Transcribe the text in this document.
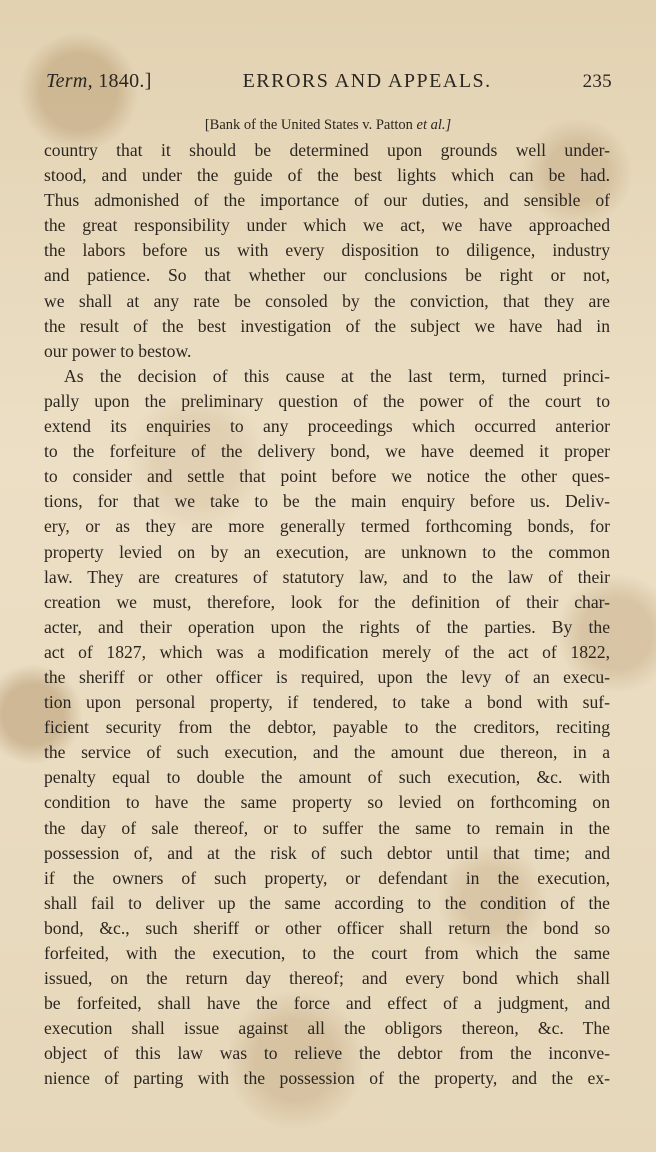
Term, 1840.]	ERRORS AND APPEALS.	235
[Bank of the United States v. Patton et al.]
country that it should be determined upon grounds well under-
stood, and under the guide of the best lights which can be had.
Thus admonished of the importance of our duties, and sensible of
the great responsibility under which we act, we have approached
the labors before us with every disposition to diligence, industry
and patience. So that whether our conclusions be right or not,
we shall at any rate be consoled by the conviction, that they are
the result of the best investigation of the subject we have had in
our power to bestow.
As the decision of this cause at the last term, turned princi-
pally upon the preliminary question of the power of the court to
extend its enquiries to any proceedings which occurred anterior
to the forfeiture of the delivery bond, we have deemed it proper
to consider and settle that point before we notice the other ques-
tions, for that we take to be the main enquiry before us. Deliv-
ery, or as they are more generally termed forthcoming bonds, for
property levied on by an execution, are unknown to the common
law. They are creatures of statutory law, and to the law of their
creation we must, therefore, look for the definition of their char-
acter, and their operation upon the rights of the parties. By the
act of 1827, which was a modification merely of the act of 1822,
the sheriff or other officer is required, upon the levy of an execu-
tion upon personal property, if tendered, to take a bond with suf-
ficient security from the debtor, payable to the creditors, reciting
the service of such execution, and the amount due thereon, in a
penalty equal to double the amount of such execution, &c. with
condition to have the same property so levied on forthcoming on
the day of sale thereof, or to suffer the same to remain in the
possession of, and at the risk of such debtor until that time; and
if the owners of such property, or defendant in the execution,
shall fail to deliver up the same according to the condition of the
bond, &c., such sheriff or other officer shall return the bond so
forfeited, with the execution, to the court from which the same
issued, on the return day thereof; and every bond which shall
be forfeited, shall have the force and effect of a judgment, and
execution shall issue against all the obligors thereon, &c. The
object of this law was to relieve the debtor from the inconve-
nience of parting with the possession of the property, and the ex-
